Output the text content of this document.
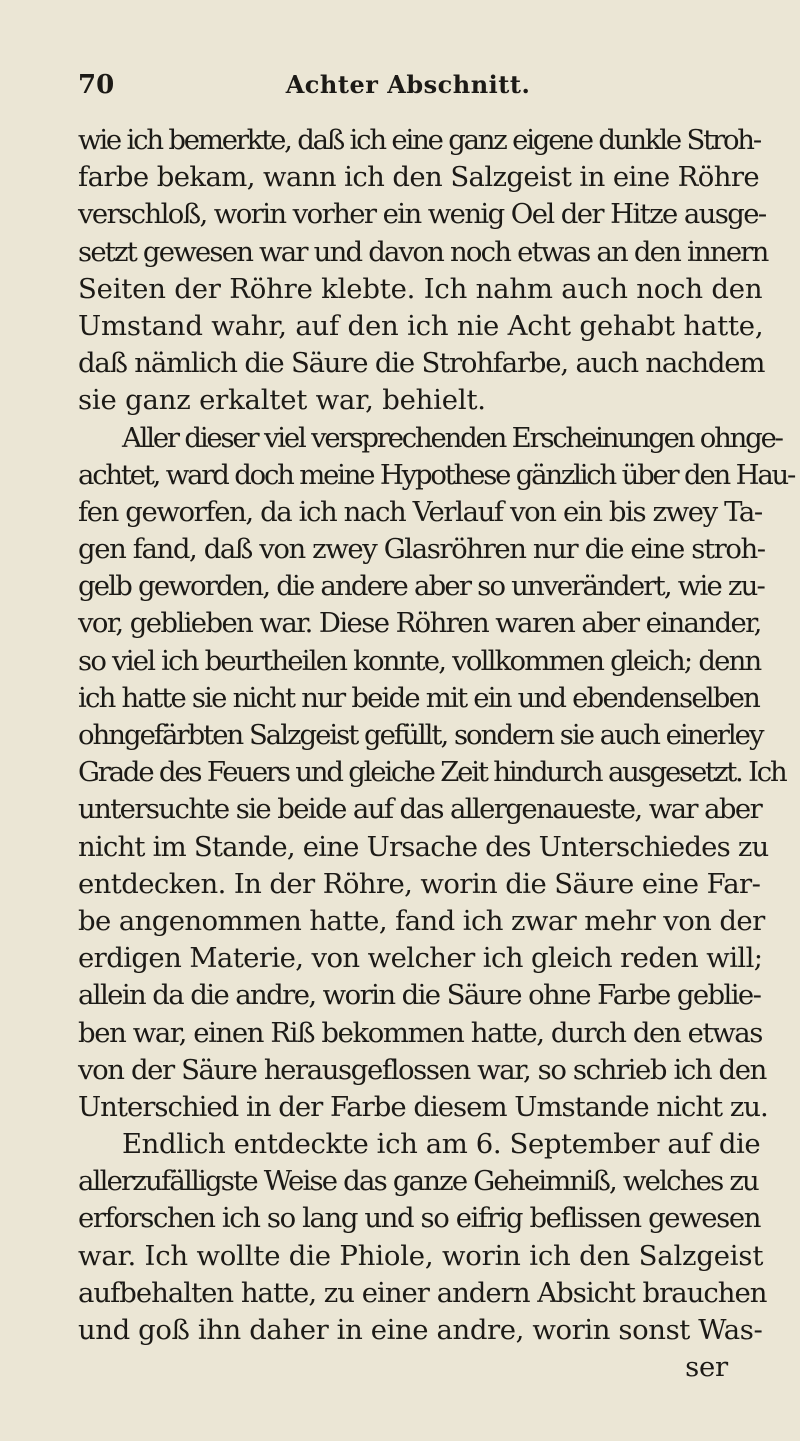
70	Achter Abschnitt.
wie ich bemerkte, daß ich eine ganz eigene dunkle Stroh-
farbe bekam, wann ich den Salzgeist in eine Röhre
verschloß, worin vorher ein wenig Oel der Hitze ausge-
setzt gewesen war und davon noch etwas an den innern
Seiten der Röhre klebte. Ich nahm auch noch den
Umstand wahr, auf den ich nie Acht gehabt hatte,
daß nämlich die Säure die Strohfarbe, auch nachdem
sie ganz erkaltet war, behielt.
Aller dieser viel versprechenden Erscheinungen ohnge-
achtet, ward doch meine Hypothese gänzlich über den Hau-
fen geworfen, da ich nach Verlauf von ein bis zwey Ta-
gen fand, daß von zwey Glasröhren nur die eine stroh-
gelb geworden, die andere aber so unverändert, wie zu-
vor, geblieben war. Diese Röhren waren aber einander,
so viel ich beurtheilen konnte, vollkommen gleich; denn
ich hatte sie nicht nur beide mit ein und ebendenselben
ohngefärbten Salzgeist gefüllt, sondern sie auch einerley
Grade des Feuers und gleiche Zeit hindurch ausgesetzt. Ich
untersuchte sie beide auf das allergenaueste, war aber
nicht im Stande, eine Ursache des Unterschiedes zu
entdecken. In der Röhre, worin die Säure eine Far-
be angenommen hatte, fand ich zwar mehr von der
erdigen Materie, von welcher ich gleich reden will;
allein da die andre, worin die Säure ohne Farbe geblie-
ben war, einen Riß bekommen hatte, durch den etwas
von der Säure herausgeflossen war, so schrieb ich den
Unterschied in der Farbe diesem Umstande nicht zu.
Endlich entdeckte ich am 6. September auf die
allerzufälligste Weise das ganze Geheimniß, welches zu
erforschen ich so lang und so eifrig beflissen gewesen
war. Ich wollte die Phiole, worin ich den Salzgeist
aufbehalten hatte, zu einer andern Absicht brauchen
und goß ihn daher in eine andre, worin sonst Was-
ser
